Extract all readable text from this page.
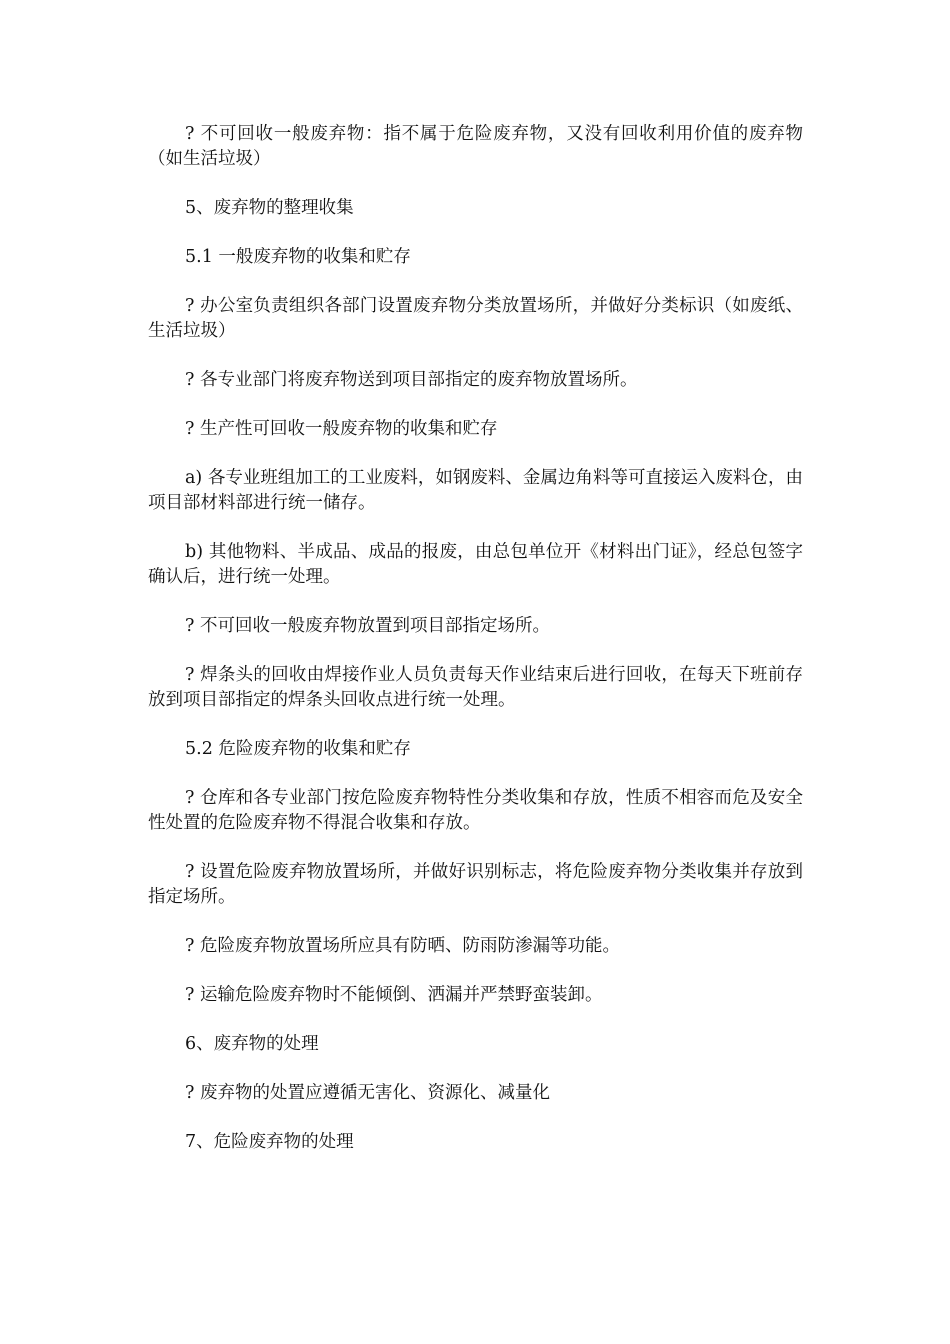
? 不可回收一般废弃物：指不属于危险废弃物，又没有回收利用价值的废弃物（如生活垃圾）

5、废弃物的整理收集

5.1 一般废弃物的收集和贮存

? 办公室负责组织各部门设置废弃物分类放置场所，并做好分类标识（如废纸、生活垃圾）

? 各专业部门将废弃物送到项目部指定的废弃物放置场所。

? 生产性可回收一般废弃物的收集和贮存

a) 各专业班组加工的工业废料，如钢废料、金属边角料等可直接运入废料仓，由项目部材料部进行统一储存。

b) 其他物料、半成品、成品的报废，由总包单位开《材料出门证》，经总包签字确认后，进行统一处理。

? 不可回收一般废弃物放置到项目部指定场所。

? 焊条头的回收由焊接作业人员负责每天作业结束后进行回收，在每天下班前存放到项目部指定的焊条头回收点进行统一处理。

5.2 危险废弃物的收集和贮存

? 仓库和各专业部门按危险废弃物特性分类收集和存放，性质不相容而危及安全性处置的危险废弃物不得混合收集和存放。

? 设置危险废弃物放置场所，并做好识别标志，将危险废弃物分类收集并存放到指定场所。

? 危险废弃物放置场所应具有防晒、防雨防渗漏等功能。

? 运输危险废弃物时不能倾倒、洒漏并严禁野蛮装卸。

6、废弃物的处理

? 废弃物的处置应遵循无害化、资源化、减量化

7、危险废弃物的处理
